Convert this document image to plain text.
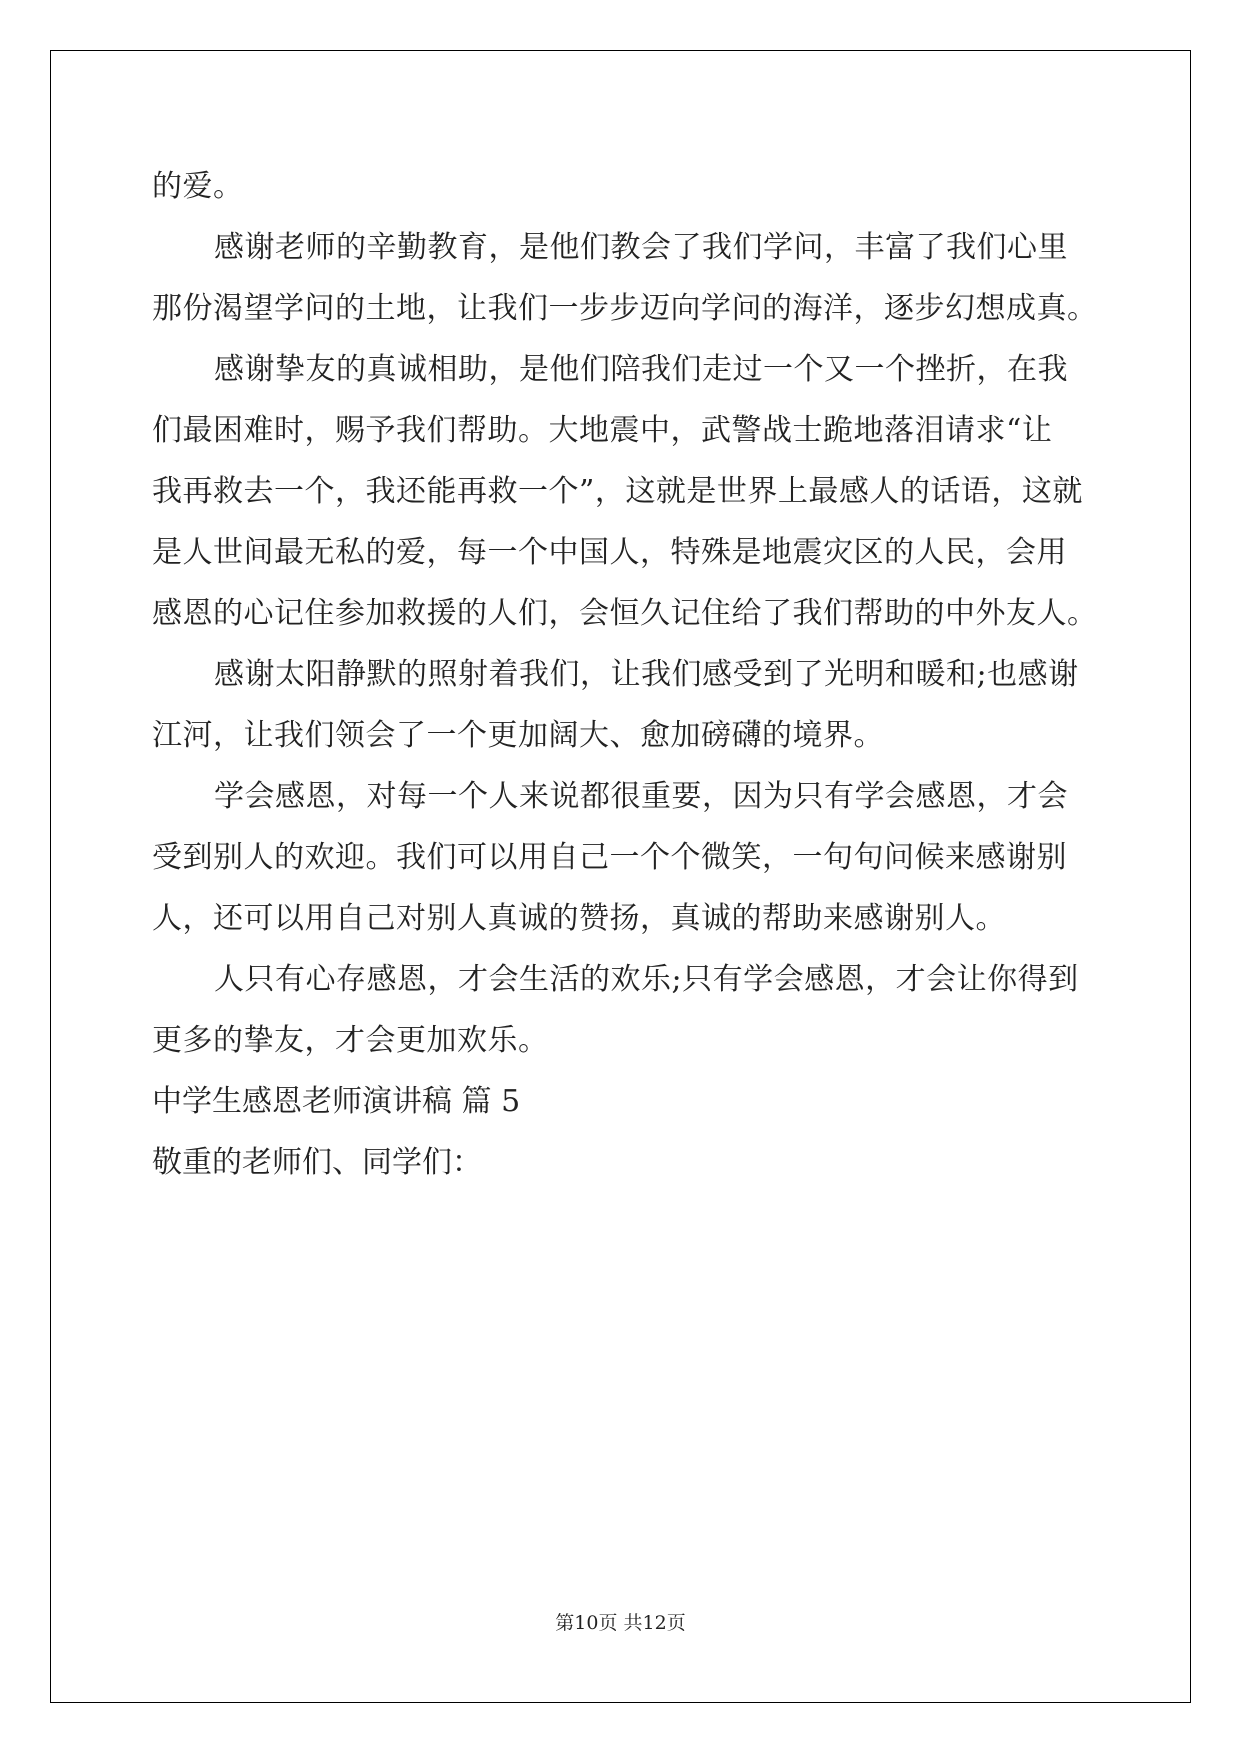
的爱。
感谢老师的辛勤教育，是他们教会了我们学问，丰富了我们心里
那份渴望学问的土地，让我们一步步迈向学问的海洋，逐步幻想成真。
感谢挚友的真诚相助，是他们陪我们走过一个又一个挫折，在我
们最困难时，赐予我们帮助。大地震中，武警战士跪地落泪请求“让
我再救去一个，我还能再救一个”，这就是世界上最感人的话语，这就
是人世间最无私的爱，每一个中国人，特殊是地震灾区的人民，会用
感恩的心记住参加救援的人们，会恒久记住给了我们帮助的中外友人。
感谢太阳静默的照射着我们，让我们感受到了光明和暖和;也感谢
江河，让我们领会了一个更加阔大、愈加磅礴的境界。
学会感恩，对每一个人来说都很重要，因为只有学会感恩，才会
受到别人的欢迎。我们可以用自己一个个微笑，一句句问候来感谢别
人，还可以用自己对别人真诚的赞扬，真诚的帮助来感谢别人。
人只有心存感恩，才会生活的欢乐;只有学会感恩，才会让你得到
更多的挚友，才会更加欢乐。
中学生感恩老师演讲稿 篇 5
敬重的老师们、同学们：
第10页 共12页
